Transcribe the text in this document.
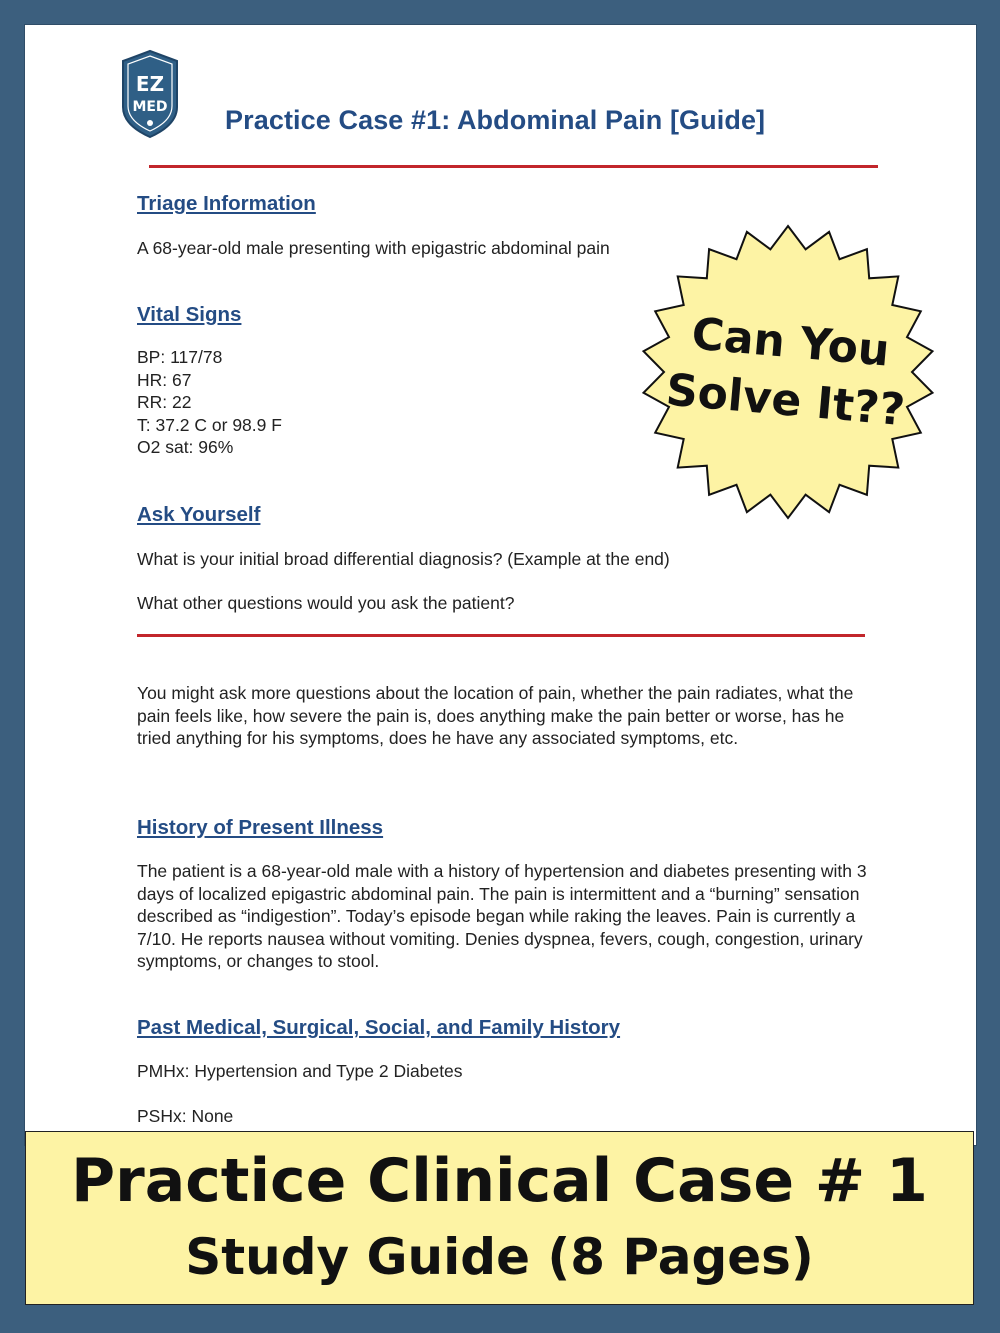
EZ
MED Practice Case #1: Abdominal Pain [Guide]
Triage Information

A 68-year-old male presenting with epigastric abdominal pain

Vital Signs
BP: 117/78
HR: 67
RR: 22
T: 37.2 C or 98.9 F
O2 sat: 96%
Ask Yourself

What is your initial broad differential diagnosis? (Example at the end)

What other questions would you ask the patient?

You might ask more questions about the location of pain, whether the pain radiates, what the pain feels like, how severe the pain is, does anything make the pain better or worse, has he tried anything for his symptoms, does he have any associated symptoms, etc.

History of Present Illness

The patient is a 68-year-old male with a history of hypertension and diabetes presenting with 3 days of localized epigastric abdominal pain. The pain is intermittent and a “burning” sensation described as “indigestion”. Today’s episode began while raking the leaves. Pain is currently a 7/10. He reports nausea without vomiting. Denies dyspnea, fevers, cough, congestion, urinary symptoms, or changes to stool.

Past Medical, Surgical, Social, and Family History

PMHx: Hypertension and Type 2 Diabetes

PSHx: None

Can You
Solve It??
Practice Clinical Case # 1
Study Guide (8 Pages)
